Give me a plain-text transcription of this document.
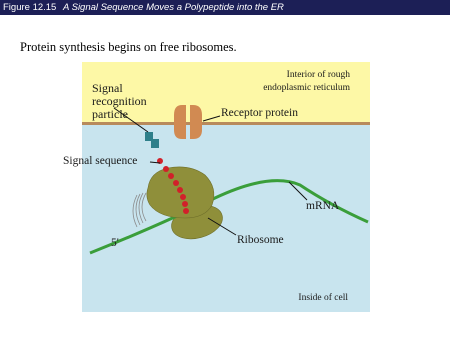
Figure 12.15 A Signal Sequence Moves a Polypeptide into the ER
Protein synthesis begins on free ribosomes.
Interior of rough
endoplasmic reticulum
Signal
recognition
particle	Receptor protein
Signal sequence
mRNA
Ribosome
5'
Inside of cell
